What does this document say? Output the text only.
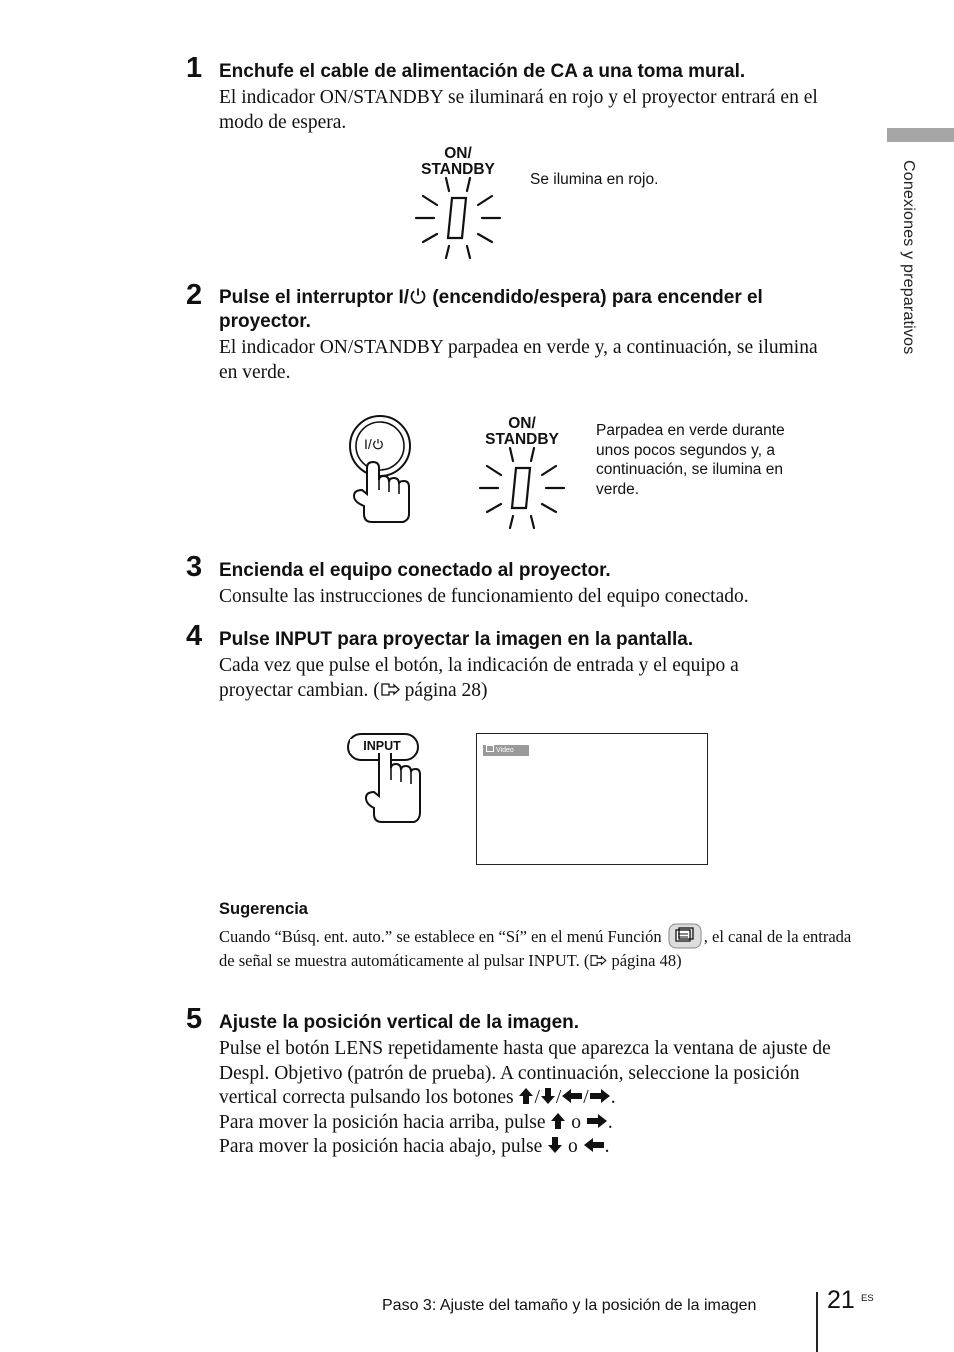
Conexiones y preparativos
1 Enchufe el cable de alimentación de CA a una toma mural.
El indicador ON/STANDBY se iluminará en rojo y el proyector entrará en el modo de espera.
ON/
STANDBY
Se ilumina en rojo.
2 Pulse el interruptor I/ (encendido/espera) para encender el proyector.
El indicador ON/STANDBY parpadea en verde y, a continuación, se ilumina en verde.
I/
ON/
STANDBY
Parpadea en verde durante unos pocos segundos y, a continuación, se ilumina en verde.
3 Encienda el equipo conectado al proyector.
Consulte las instrucciones de funcionamiento del equipo conectado.
4 Pulse INPUT para proyectar la imagen en la pantalla.
Cada vez que pulse el botón, la indicación de entrada y el equipo a proyectar cambian. ( página 28)
INPUT	Video
Sugerencia
Cuando “Búsq. ent. auto.” se establece en “Sí” en el menú Función	, el canal de la entrada de señal se muestra automáticamente al pulsar INPUT. ( página 48)
5 Ajuste la posición vertical de la imagen.
Pulse el botón LENS repetidamente hasta que aparezca la ventana de ajuste de Despl. Objetivo (patrón de prueba). A continuación, seleccione la posición vertical correcta pulsando los botones / / / .
Para mover la posición hacia arriba, pulse o .
Para mover la posición hacia abajo, pulse o .
Paso 3: Ajuste del tamaño y la posición de la imagen	21 ES
